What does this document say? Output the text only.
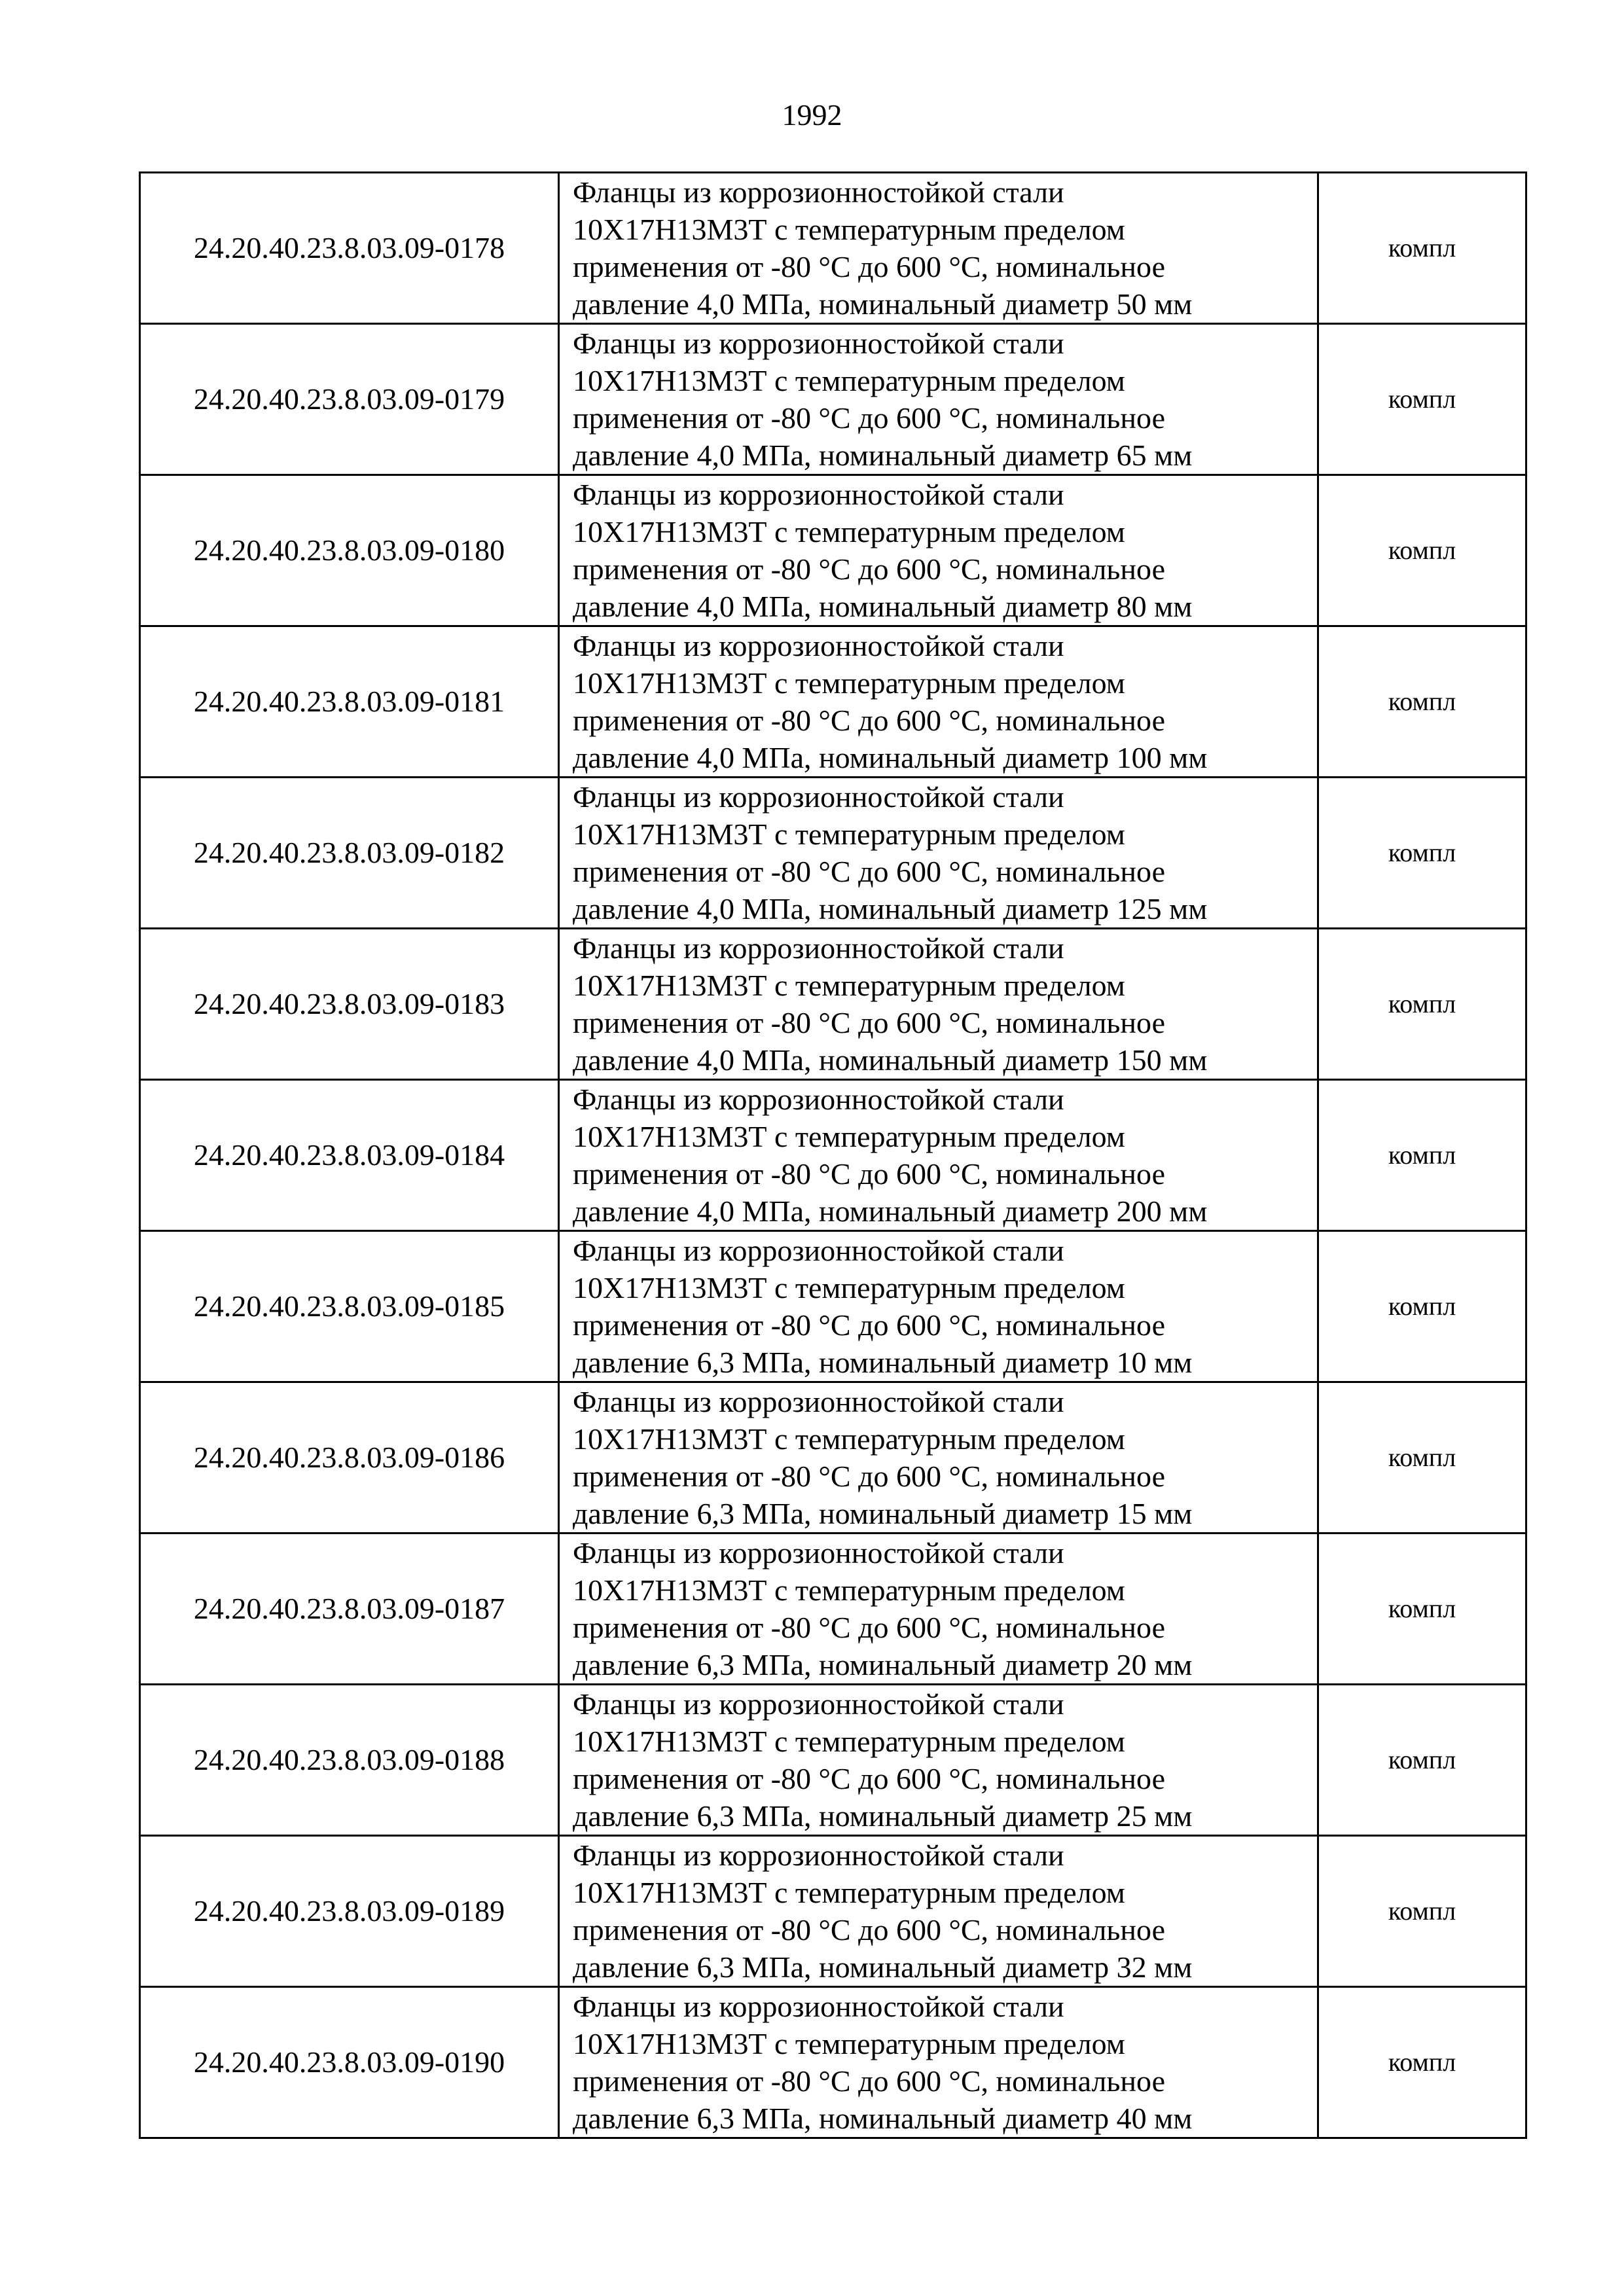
1992
24.20.40.23.8.03.09-0178	Фланцы из коррозионностойкой стали
10Х17Н13М3Т с температурным пределом
применения от -80 °С до 600 °С, номинальное
давление 4,0 МПа, номинальный диаметр 50 мм	компл
24.20.40.23.8.03.09-0179	Фланцы из коррозионностойкой стали
10Х17Н13М3Т с температурным пределом
применения от -80 °С до 600 °С, номинальное
давление 4,0 МПа, номинальный диаметр 65 мм	компл
24.20.40.23.8.03.09-0180	Фланцы из коррозионностойкой стали
10Х17Н13М3Т с температурным пределом
применения от -80 °С до 600 °С, номинальное
давление 4,0 МПа, номинальный диаметр 80 мм	компл
24.20.40.23.8.03.09-0181	Фланцы из коррозионностойкой стали
10Х17Н13М3Т с температурным пределом
применения от -80 °С до 600 °С, номинальное
давление 4,0 МПа, номинальный диаметр 100 мм	компл
24.20.40.23.8.03.09-0182	Фланцы из коррозионностойкой стали
10Х17Н13М3Т с температурным пределом
применения от -80 °С до 600 °С, номинальное
давление 4,0 МПа, номинальный диаметр 125 мм	компл
24.20.40.23.8.03.09-0183	Фланцы из коррозионностойкой стали
10Х17Н13М3Т с температурным пределом
применения от -80 °С до 600 °С, номинальное
давление 4,0 МПа, номинальный диаметр 150 мм	компл
24.20.40.23.8.03.09-0184	Фланцы из коррозионностойкой стали
10Х17Н13М3Т с температурным пределом
применения от -80 °С до 600 °С, номинальное
давление 4,0 МПа, номинальный диаметр 200 мм	компл
24.20.40.23.8.03.09-0185	Фланцы из коррозионностойкой стали
10Х17Н13М3Т с температурным пределом
применения от -80 °С до 600 °С, номинальное
давление 6,3 МПа, номинальный диаметр 10 мм	компл
24.20.40.23.8.03.09-0186	Фланцы из коррозионностойкой стали
10Х17Н13М3Т с температурным пределом
применения от -80 °С до 600 °С, номинальное
давление 6,3 МПа, номинальный диаметр 15 мм	компл
24.20.40.23.8.03.09-0187	Фланцы из коррозионностойкой стали
10Х17Н13М3Т с температурным пределом
применения от -80 °С до 600 °С, номинальное
давление 6,3 МПа, номинальный диаметр 20 мм	компл
24.20.40.23.8.03.09-0188	Фланцы из коррозионностойкой стали
10Х17Н13М3Т с температурным пределом
применения от -80 °С до 600 °С, номинальное
давление 6,3 МПа, номинальный диаметр 25 мм	компл
24.20.40.23.8.03.09-0189	Фланцы из коррозионностойкой стали
10Х17Н13М3Т с температурным пределом
применения от -80 °С до 600 °С, номинальное
давление 6,3 МПа, номинальный диаметр 32 мм	компл
24.20.40.23.8.03.09-0190	Фланцы из коррозионностойкой стали
10Х17Н13М3Т с температурным пределом
применения от -80 °С до 600 °С, номинальное
давление 6,3 МПа, номинальный диаметр 40 мм	компл
